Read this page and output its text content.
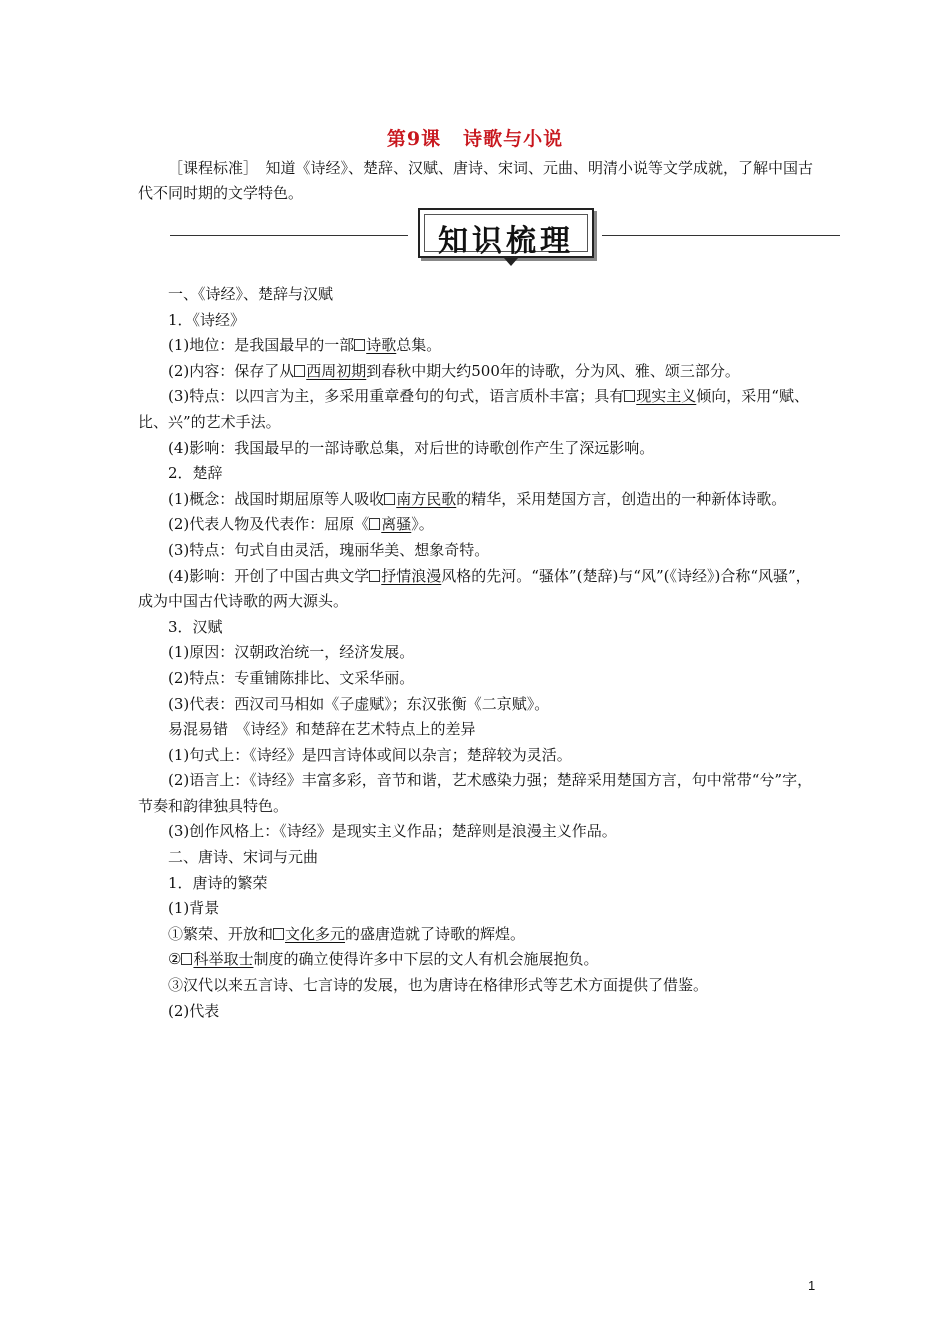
第9课 诗歌与小说
［课程标准］　知道《诗经》、楚辞、汉赋、唐诗、宋词、元曲、明清小说等文学成就，了解中国古代不同时期的文学特色。
知识梳理

一、《诗经》、楚辞与汉赋

1．《诗经》

(1)地位：是我国最早的一部 诗歌总集。

(2)内容：保存了从 西周初期到春秋中期大约500年的诗歌，分为风、雅、颂三部分。

(3)特点：以四言为主，多采用重章叠句的句式，语言质朴丰富；具有 现实主义倾向，采用“赋、比、兴”的艺术手法。

(4)影响：我国最早的一部诗歌总集，对后世的诗歌创作产生了深远影响。

2．楚辞

(1)概念：战国时期屈原等人吸收 南方民歌的精华，采用楚国方言，创造出的一种新体诗歌。

(2)代表人物及代表作：屈原《 离骚》。

(3)特点：句式自由灵活，瑰丽华美、想象奇特。

(4)影响：开创了中国古典文学 抒情浪漫风格的先河。“骚体”(楚辞)与“风”(《诗经》)合称“风骚”，成为中国古代诗歌的两大源头。

3．汉赋

(1)原因：汉朝政治统一，经济发展。

(2)特点：专重铺陈排比、文采华丽。

(3)代表：西汉司马相如《子虚赋》；东汉张衡《二京赋》。

易混易错　《诗经》和楚辞在艺术特点上的差异

(1)句式上：《诗经》是四言诗体或间以杂言；楚辞较为灵活。

(2)语言上：《诗经》丰富多彩，音节和谐，艺术感染力强；楚辞采用楚国方言，句中常带“兮”字，节奏和韵律独具特色。

(3)创作风格上：《诗经》是现实主义作品；楚辞则是浪漫主义作品。

二、唐诗、宋词与元曲

1．唐诗的繁荣

(1)背景

①繁荣、开放和 文化多元的盛唐造就了诗歌的辉煌。

② 科举取士制度的确立使得许多中下层的文人有机会施展抱负。

③汉代以来五言诗、七言诗的发展，也为唐诗在格律形式等艺术方面提供了借鉴。

(2)代表

1
